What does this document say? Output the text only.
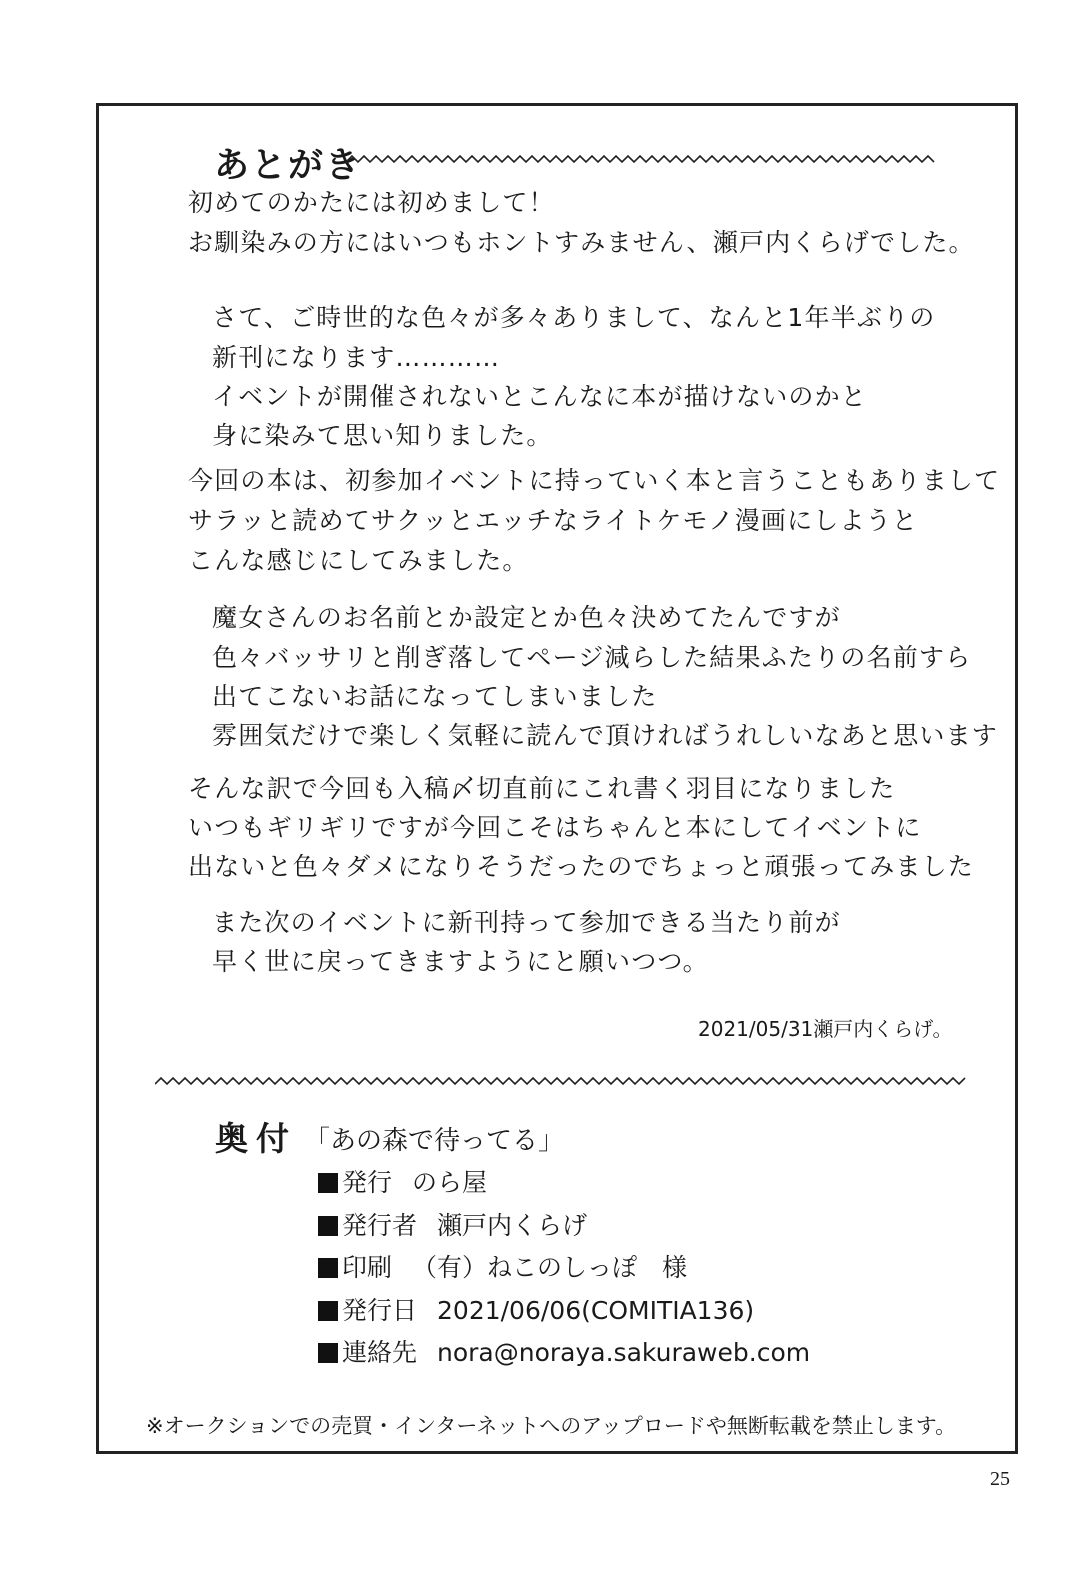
あとがき
初めてのかたには初めまして！
お馴染みの方にはいつもホントすみません、瀬戸内くらげでした。
さて、ご時世的な色々が多々ありまして、なんと1年半ぶりの
新刊になります…………
イベントが開催されないとこんなに本が描けないのかと
身に染みて思い知りました。
今回の本は、初参加イベントに持っていく本と言うこともありまして
サラッと読めてサクッとエッチなライトケモノ漫画にしようと
こんな感じにしてみました。
魔女さんのお名前とか設定とか色々決めてたんですが
色々バッサリと削ぎ落してページ減らした結果ふたりの名前すら
出てこないお話になってしまいました
雰囲気だけで楽しく気軽に読んで頂ければうれしいなあと思います
そんな訳で今回も入稿〆切直前にこれ書く羽目になりました
いつもギリギリですが今回こそはちゃんと本にしてイベントに
出ないと色々ダメになりそうだったのでちょっと頑張ってみました
また次のイベントに新刊持って参加できる当たり前が
早く世に戻ってきますようにと願いつつ。
2021/05/31瀬戸内くらげ。
奥付 「あの森で待ってる」
発行 のら屋
発行者 瀬戸内くらげ
印刷 （有）ねこのしっぽ　様
発行日 2021/06/06(COMITIA136)
連絡先 nora@noraya.sakuraweb.com
※オークションでの売買・インターネットへのアップロードや無断転載を禁止します。
25
